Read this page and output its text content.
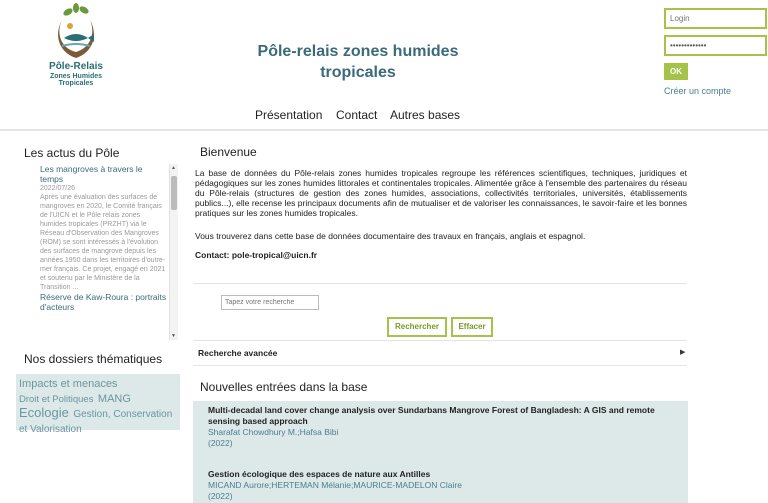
Pôle-Relais
Zones Humides
Tropicales
Pôle-relais zones humides tropicales
Présentation Contact Autres bases
Login
•••••••••••••
OK
Créer un compte
Les actus du Pôle
Les mangroves à travers le temps
2022/07/26
Après une évaluation des surfaces de mangroves en 2020, le Comité français de l'UICN et le Pôle relais zones humides tropicales (PRZHT) via le Réseau d'Observation des Mangroves (ROM) se sont intéressés à l'évolution des surfaces de mangrove depuis les années 1950 dans les territoires d'outre-mer français. Ce projet, engagé en 2021 et soutenu par le Ministère de la Transition ...
Réserve de Kaw-Roura : portraits d'acteurs
▲
▼
Nos dossiers thématiques
Impacts et menaces Droit et Politiques MANG Ecologie Gestion, Conservation et Valorisation
Bienvenue
La base de données du Pôle-relais zones humides tropicales regroupe les références scientifiques, techniques, juridiques et pédagogiques sur les zones humides littorales et continentales tropicales. Alimentée grâce à l'ensemble des partenaires du réseau du Pôle-relais (structures de gestion des zones humides, associations, collectivités territoriales, universités, établissements publics...), elle recense les principaux documents afin de mutualiser et de valoriser les connaissances, le savoir-faire et les bonnes pratiques sur les zones humides tropicales.
Vous trouverez dans cette base de données documentaire des travaux en français, anglais et espagnol.
Contact: pole-tropical@uicn.fr
Tapez votre recherche
Rechercher	Effacer
Recherche avancée	▶
Nouvelles entrées dans la base
Multi-decadal land cover change analysis over Sundarbans Mangrove Forest of Bangladesh: A GIS and remote sensing based approach
Sharafat Chowdhury M.;Hafsa Bibi
(2022)
Gestion écologique des espaces de nature aux Antilles
MICAND Aurore;HERTEMAN Mélanie;MAURICE-MADELON Claire
(2022)
